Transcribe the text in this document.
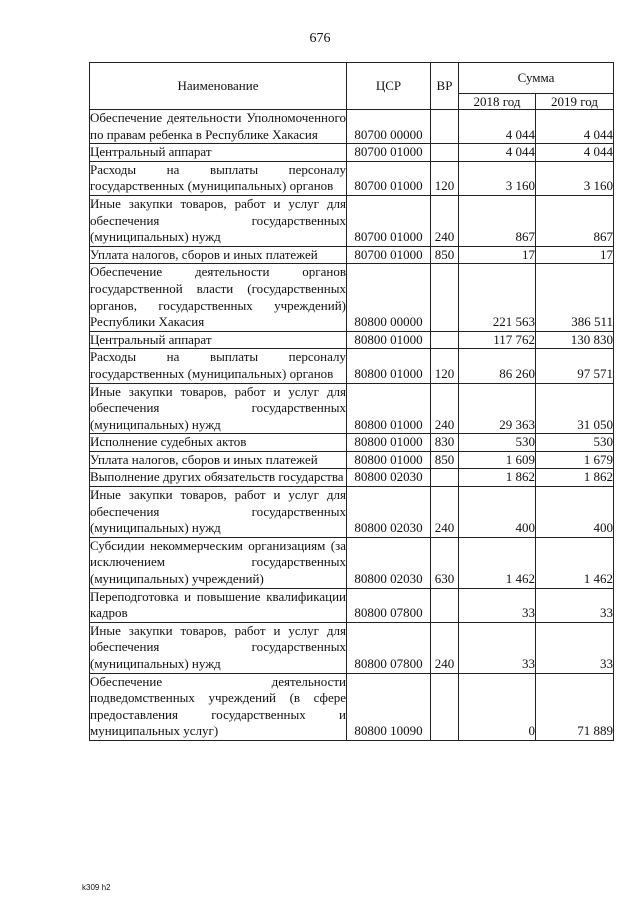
676
Наименование	ЦСР	ВР	Сумма	
			2018 год	2019 год
Обеспечение деятельности Уполномоченного по правам ребенка в Республике Хакасия	80700 00000		4 044	4 044
Центральный аппарат	80700 01000		4 044	4 044
Расходы на выплаты персоналу государственных (муниципальных) органов	80700 01000	120	3 160	3 160
Иные закупки товаров, работ и услуг для обеспечения государственных (муниципальных) нужд	80700 01000	240	867	867
Уплата налогов, сборов и иных платежей	80700 01000	850	17	17
Обеспечение деятельности органов государственной власти (государственных органов, государственных учреждений) Республики Хакасия	80800 00000		221 563	386 511
Центральный аппарат	80800 01000		117 762	130 830
Расходы на выплаты персоналу государственных (муниципальных) органов	80800 01000	120	86 260	97 571
Иные закупки товаров, работ и услуг для обеспечения государственных (муниципальных) нужд	80800 01000	240	29 363	31 050
Исполнение судебных актов	80800 01000	830	530	530
Уплата налогов, сборов и иных платежей	80800 01000	850	1 609	1 679
Выполнение других обязательств государства	80800 02030		1 862	1 862
Иные закупки товаров, работ и услуг для обеспечения государственных (муниципальных) нужд	80800 02030	240	400	400
Субсидии некоммерческим организациям (за исключением государственных (муниципальных) учреждений)	80800 02030	630	1 462	1 462
Переподготовка и повышение квалификации кадров	80800 07800		33	33
Иные закупки товаров, работ и услуг для обеспечения государственных (муниципальных) нужд	80800 07800	240	33	33
Обеспечение деятельности подведомственных учреждений (в сфере предоставления государственных и муниципальных услуг)	80800 10090		0	71 889
k309 h2
